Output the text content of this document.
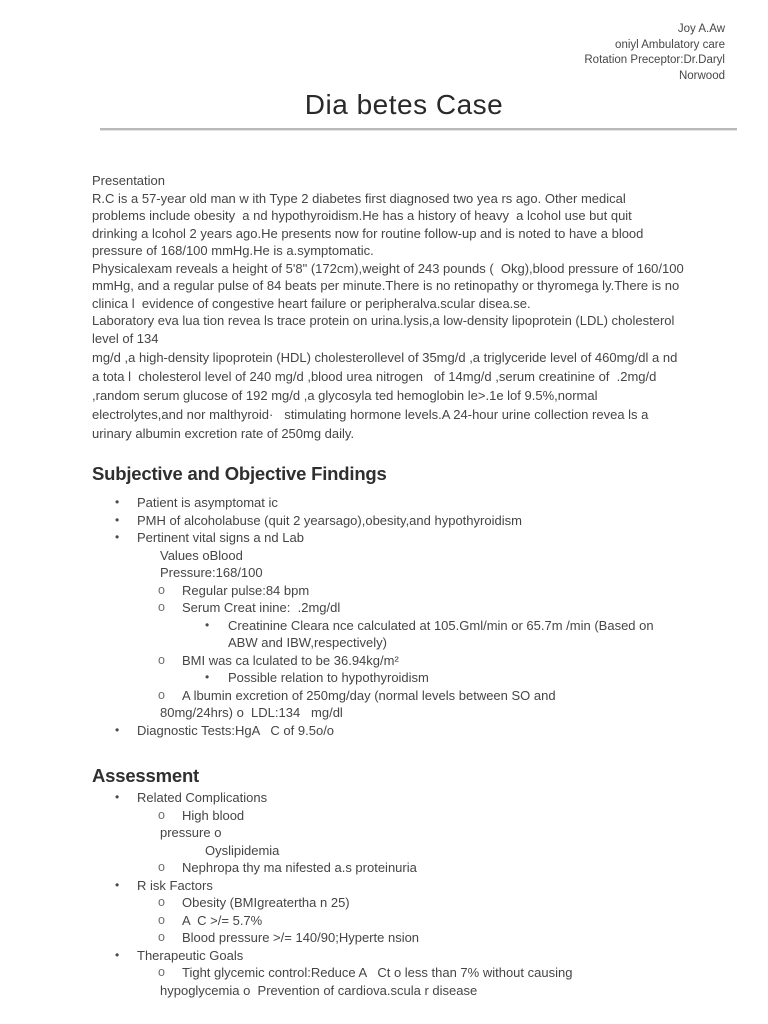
Joy A.Aw
oniyl Ambulatory care
Rotation Preceptor:Dr.Daryl
Norwood
Dia betes Case
Presentation
R.C is a 57-year old man w ith Type 2 diabetes first diagnosed two yea rs ago. Other medical
problems include obesity  a nd hypothyroidism.He has a history of heavy  a lcohol use but quit
drinking a lcohol 2 years ago.He presents now for routine follow-up and is noted to have a blood
pressure of 168/100 mmHg.He is a.symptomatic.
Physicalexam reveals a height of 5'8" (172cm),weight of 243 pounds (  Okg),blood pressure of 160/100
mmHg, and a regular pulse of 84 beats per minute.There is no retinopathy or thyromega ly.There is no
clinica l  evidence of congestive heart failure or peripheralva.scular disea.se.
Laboratory eva lua tion revea ls trace protein on urina.lysis,a low-density lipoprotein (LDL) cholesterol
level of 134
mg/d ,a high-density lipoprotein (HDL) cholesterollevel of 35mg/d ,a triglyceride level of 460mg/dl a nd
a tota l  cholesterol level of 240 mg/d ,blood urea nitrogen   of 14mg/d ,serum creatinine of  .2mg/d
,random serum glucose of 192 mg/d ,a glycosyla ted hemoglobin le>.1e lof 9.5%,normal
electrolytes,and nor malthyroid·   stimulating hormone levels.A 24-hour urine collection revea ls a
urinary albumin excretion rate of 250mg daily.
Subjective and Objective Findings
• Patient is asymptomat ic
• PMH of alcoholabuse (quit 2 yearsago),obesity,and hypothyroidism
• Pertinent vital signs a nd Lab
Values oBlood
Pressure:168/100
o Regular pulse:84 bpm
o Serum Creat inine:  .2mg/dl
• Creatinine Cleara nce calculated at 105.Gml/min or 65.7m /min (Based on
ABW and IBW,respectively)
o BMI was ca lculated to be 36.94kg/m²
• Possible relation to hypothyroidism
o A lbumin excretion of 250mg/day (normal levels between SO and
80mg/24hrs) o  LDL:134   mg/dl
• Diagnostic Tests:HgA   C of 9.5o/o
Assessment
• Related Complications
o High blood
pressure o
Oyslipidemia
o Nephropa thy ma nifested a.s proteinuria
• R isk Factors
o Obesity (BMIgreatertha n 25)
o A  C >/= 5.7%
o Blood pressure >/= 140/90;Hyperte nsion
• Therapeutic Goals
o Tight glycemic control:Reduce A   Ct o less than 7% without causing
hypoglycemia o  Prevention of cardiova.scula r disease
